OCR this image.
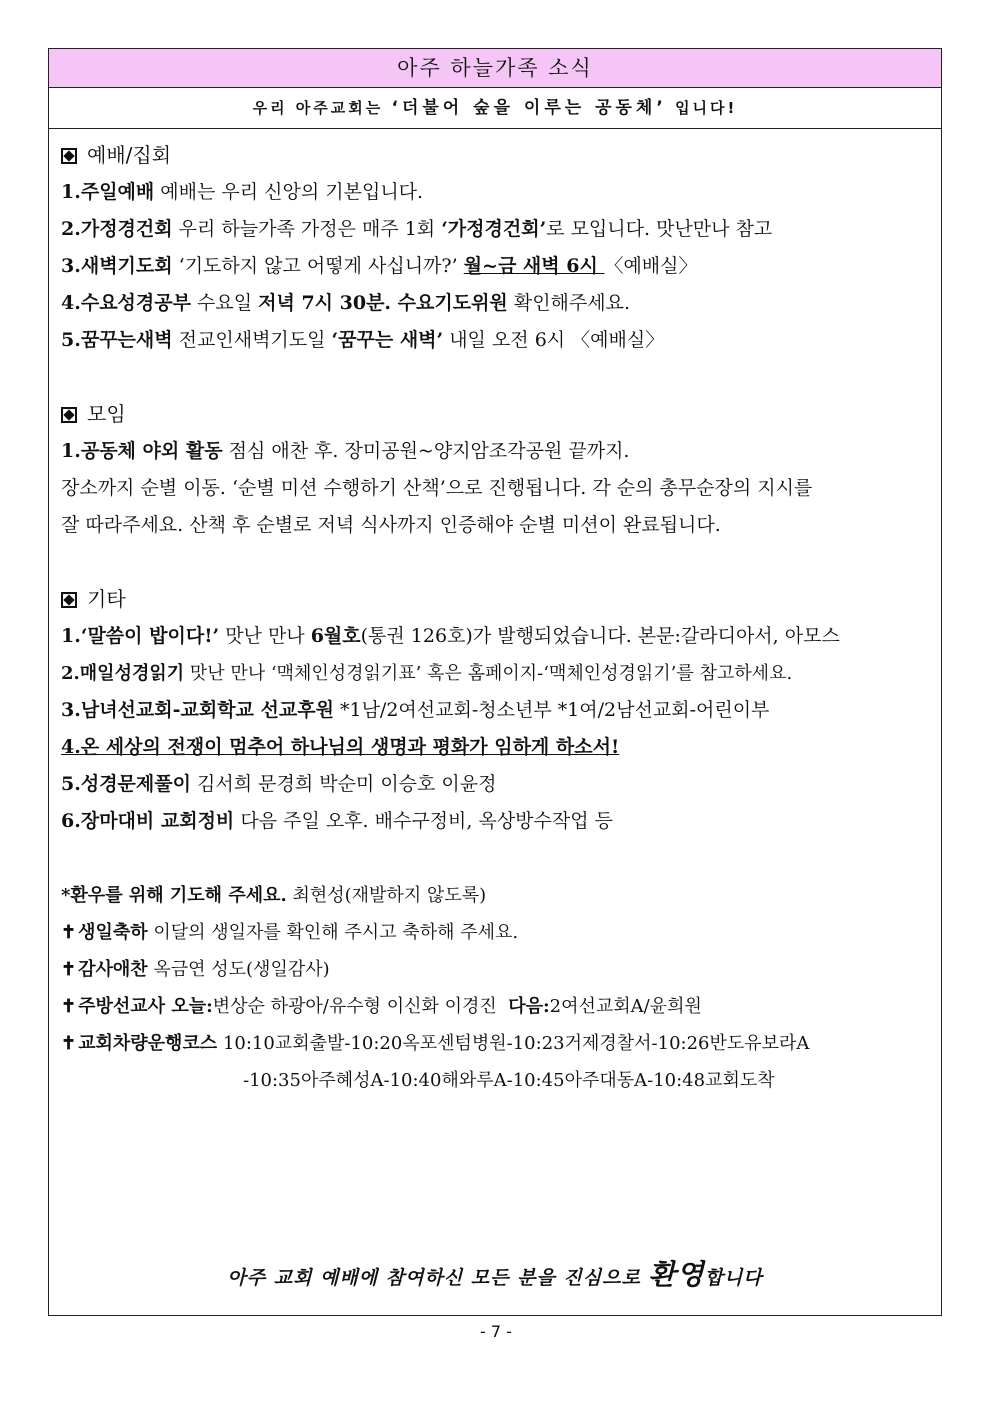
아주 하늘가족 소식
우리 아주교회는 ‘더불어 숲을 이루는 공동체’ 입니다!
예배/집회
1.주일예배 예배는 우리 신앙의 기본입니다.
2.가정경건회 우리 하늘가족 가정은 매주 1회 ‘가정경건회’로 모입니다. 맛난만나 참고
3.새벽기도회 ‘기도하지 않고 어떻게 사십니까?’ 월~금 새벽 6시 〈예배실〉
4.수요성경공부 수요일 저녁 7시 30분. 수요기도위원 확인해주세요.
5.꿈꾸는새벽 전교인새벽기도일 ‘꿈꾸는 새벽’ 내일 오전 6시 〈예배실〉
모임
1.공동체 야외 활동 점심 애찬 후. 장미공원~양지암조각공원 끝까지.
장소까지 순별 이동. ‘순별 미션 수행하기 산책’으로 진행됩니다. 각 순의 총무순장의 지시를
잘 따라주세요. 산책 후 순별로 저녁 식사까지 인증해야 순별 미션이 완료됩니다.
기타
1.‘말씀이 밥이다!’ 맛난 만나 6월호(통권 126호)가 발행되었습니다. 본문:갈라디아서, 아모스
2.매일성경읽기 맛난 만나 ‘맥체인성경읽기표’ 혹은 홈페이지-‘맥체인성경읽기’를 참고하세요.
3.남녀선교회-교회학교 선교후원 *1남/2여선교회-청소년부 *1여/2남선교회-어린이부
4.온 세상의 전쟁이 멈추어 하나님의 생명과 평화가 임하게 하소서!
5.성경문제풀이 김서희 문경희 박순미 이승호 이윤정
6.장마대비 교회정비 다음 주일 오후. 배수구정비, 옥상방수작업 등
*환우를 위해 기도해 주세요. 최현성(재발하지 않도록)
✝ 생일축하 이달의 생일자를 확인해 주시고 축하해 주세요.
✝ 감사애찬 옥금연 성도(생일감사)
✝ 주방선교사 오늘:변상순 하광아/유수형 이신화 이경진 다음:2여선교회A/윤희원
✝ 교회차량운행코스 10:10교회출발-10:20옥포센텀병원-10:23거제경찰서-10:26반도유보라A
-10:35아주혜성A-10:40해와루A-10:45아주대동A-10:48교회도착
아주 교회 예배에 참여하신 모든 분을 진심으로 환영합니다
- 7 -
